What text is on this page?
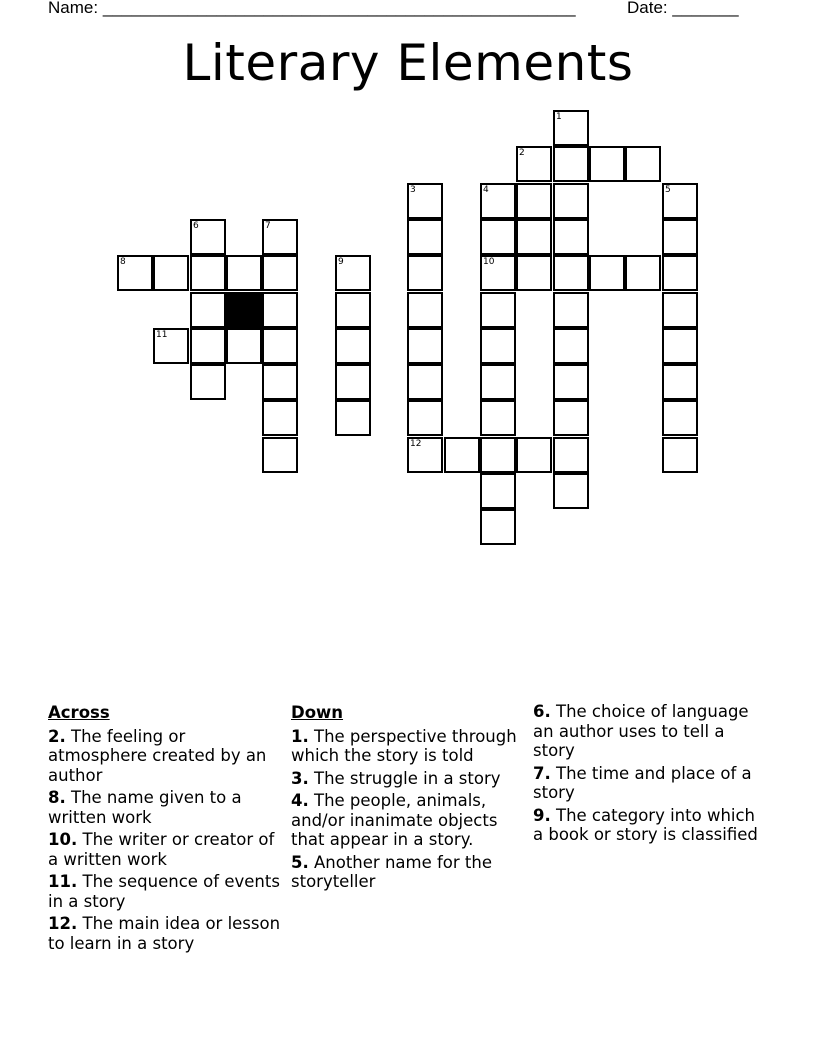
Name: __________________________________________________	Date: _______
Literary Elements
1
2
3	4	5
6	7
8	9	10
11
12
Across
2. The feeling or atmosphere created by an author
8. The name given to a written work
10. The writer or creator of a written work
11. The sequence of events in a story
12. The main idea or lesson to learn in a story
Down
1. The perspective through which the story is told
3. The struggle in a story
4. The people, animals, and/or inanimate objects that appear in a story.
5. Another name for the storyteller
6. The choice of language an author uses to tell a story
7. The time and place of a story
9. The category into which a book or story is classified
